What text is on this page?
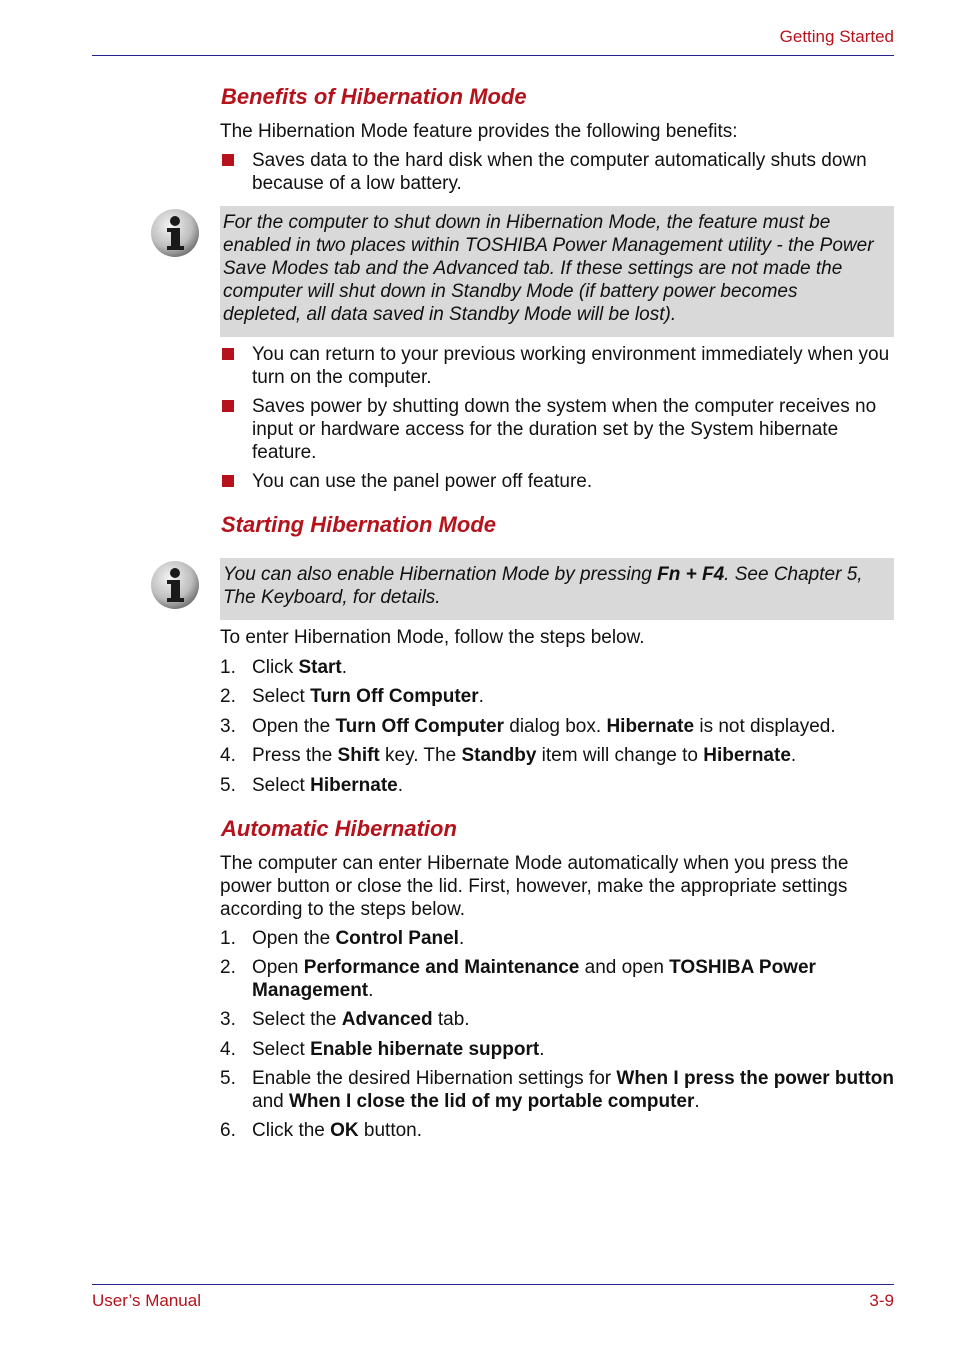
Getting Started
Benefits of Hibernation Mode
The Hibernation Mode feature provides the following benefits:
Saves data to the hard disk when the computer automatically shuts down because of a low battery.
For the computer to shut down in Hibernation Mode, the feature must be enabled in two places within TOSHIBA Power Management utility - the Power Save Modes tab and the Advanced tab. If these settings are not made the computer will shut down in Standby Mode (if battery power becomes depleted, all data saved in Standby Mode will be lost).
You can return to your previous working environment immediately when you turn on the computer.
Saves power by shutting down the system when the computer receives no input or hardware access for the duration set by the System hibernate feature.
You can use the panel power off feature.
Starting Hibernation Mode
You can also enable Hibernation Mode by pressing Fn + F4. See Chapter 5, The Keyboard, for details.
To enter Hibernation Mode, follow the steps below.
1. Click Start.
2. Select Turn Off Computer.
3. Open the Turn Off Computer dialog box. Hibernate is not displayed.
4. Press the Shift key. The Standby item will change to Hibernate.
5. Select Hibernate.
Automatic Hibernation
The computer can enter Hibernate Mode automatically when you press the power button or close the lid. First, however, make the appropriate settings according to the steps below.
1. Open the Control Panel.
2. Open Performance and Maintenance and open TOSHIBA Power Management.
3. Select the Advanced tab.
4. Select Enable hibernate support.
5. Enable the desired Hibernation settings for When I press the power button and When I close the lid of my portable computer.
6. Click the OK button.
User’s Manual	3-9
